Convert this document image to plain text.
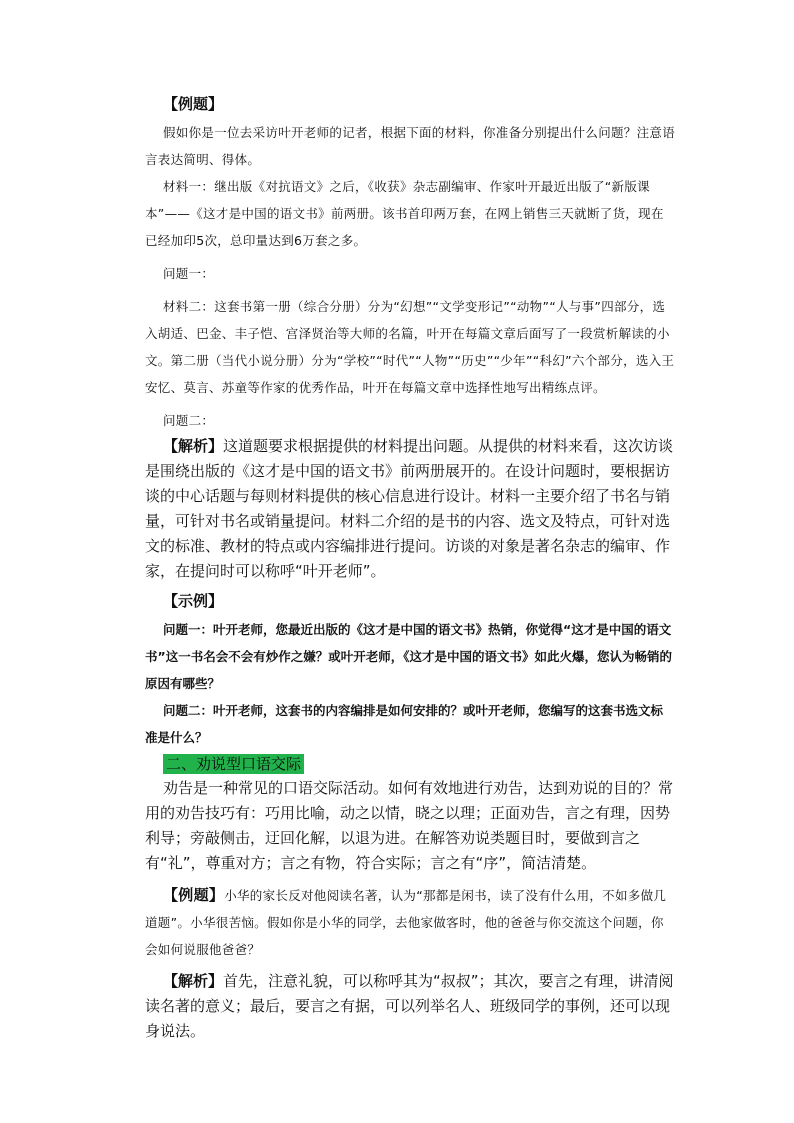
【例题】

假如你是一位去采访叶开老师的记者，根据下面的材料，你准备分别提出什么问题？注意语言表达简明、得体。

材料一：继出版《对抗语文》之后，《收获》杂志副编审、作家叶开最近出版了“新版课本”——《这才是中国的语文书》前两册。该书首印两万套，在网上销售三天就断了货，现在已经加印5次，总印量达到6万套之多。

问题一：

材料二：这套书第一册（综合分册）分为“幻想”“文学变形记”“动物”“人与事”四部分，选入胡适、巴金、丰子恺、宫泽贤治等大师的名篇，叶开在每篇文章后面写了一段赏析解读的小文。第二册（当代小说分册）分为“学校”“时代”“人物”“历史”“少年”“科幻”六个部分，选入王安忆、莫言、苏童等作家的优秀作品，叶开在每篇文章中选择性地写出精练点评。

问题二：

【解析】这道题要求根据提供的材料提出问题。从提供的材料来看，这次访谈是围绕出版的《这才是中国的语文书》前两册展开的。在设计问题时，要根据访谈的中心话题与每则材料提供的核心信息进行设计。材料一主要介绍了书名与销量，可针对书名或销量提问。材料二介绍的是书的内容、选文及特点，可针对选文的标准、教材的特点或内容编排进行提问。访谈的对象是著名杂志的编审、作家，在提问时可以称呼“叶开老师”。

【示例】

问题一：叶开老师，您最近出版的《这才是中国的语文书》热销，你觉得“这才是中国的语文书”这一书名会不会有炒作之嫌？或叶开老师，《这才是中国的语文书》如此火爆，您认为畅销的原因有哪些？

问题二：叶开老师，这套书的内容编排是如何安排的？或叶开老师，您编写的这套书选文标准是什么？

二、劝说型口语交际

劝告是一种常见的口语交际活动。如何有效地进行劝告，达到劝说的目的？常用的劝告技巧有：巧用比喻，动之以情，晓之以理；正面劝告，言之有理，因势利导；旁敲侧击，迂回化解，以退为进。在解答劝说类题目时，要做到言之有“礼”，尊重对方；言之有物，符合实际；言之有“序”，简洁清楚。

【例题】小华的家长反对他阅读名著，认为“那都是闲书，读了没有什么用，不如多做几道题”。小华很苦恼。假如你是小华的同学，去他家做客时，他的爸爸与你交流这个问题，你会如何说服他爸爸？

【解析】首先，注意礼貌，可以称呼其为“叔叔”；其次，要言之有理，讲清阅读名著的意义；最后，要言之有据，可以列举名人、班级同学的事例，还可以现身说法。
